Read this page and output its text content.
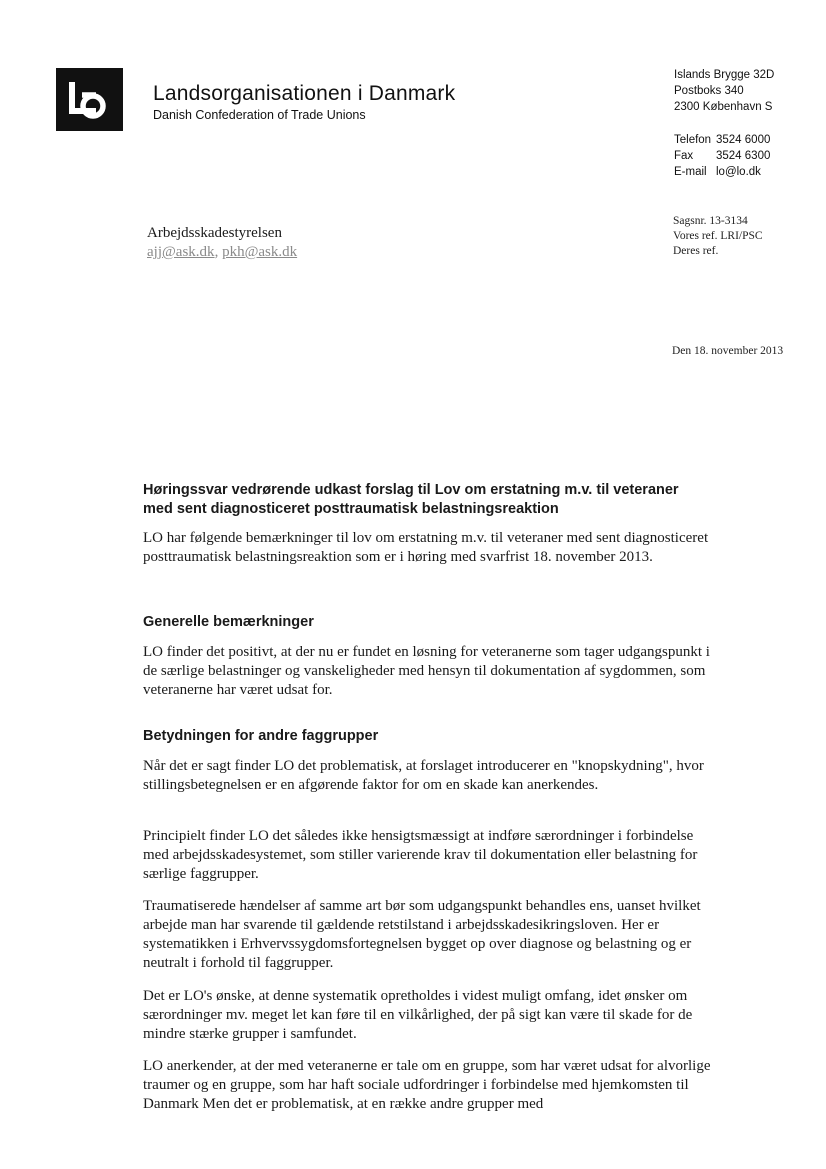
Landsorganisationen i Danmark
Danish Confederation of Trade Unions
Islands Brygge 32D
Postboks 340
2300 København S
Telefon 3524 6000
Fax	3524 6300
E-mail lo@lo.dk
Arbejdsskadestyrelsen
ajj@ask.dk, pkh@ask.dk
Sagsnr. 13-3134
Vores ref. LRI/PSC
Deres ref.
Den 18. november 2013
Høringssvar vedrørende udkast forslag til Lov om erstatning m.v. til veteraner med sent diagnosticeret posttraumatisk belastningsreaktion
LO har følgende bemærkninger til lov om erstatning m.v. til veteraner med sent diagnosticeret posttraumatisk belastningsreaktion som er i høring med svarfrist 18. november 2013.
Generelle bemærkninger
LO finder det positivt, at der nu er fundet en løsning for veteranerne som tager udgangspunkt i de særlige belastninger og vanskeligheder med hensyn til dokumentation af sygdommen, som veteranerne har været udsat for.
Betydningen for andre faggrupper
Når det er sagt finder LO det problematisk, at forslaget introducerer en "knopskydning", hvor stillingsbetegnelsen er en afgørende faktor for om en skade kan anerkendes.
Principielt finder LO det således ikke hensigtsmæssigt at indføre særordninger i forbindelse med arbejdsskadesystemet, som stiller varierende krav til dokumentation eller belastning for særlige faggrupper.
Traumatiserede hændelser af samme art bør som udgangspunkt behandles ens, uanset hvilket arbejde man har svarende til gældende retstilstand i arbejdsskadesikringsloven. Her er systematikken i Erhvervssygdomsfortegnelsen bygget op over diagnose og belastning og er neutralt i forhold til faggrupper.
Det er LO's ønske, at denne systematik opretholdes i videst muligt omfang, idet ønsker om særordninger mv. meget let kan føre til en vilkårlighed, der på sigt kan være til skade for de mindre stærke grupper i samfundet.
LO anerkender, at der med veteranerne er tale om en gruppe, som har været udsat for alvorlige traumer og en gruppe, som har haft sociale udfordringer i forbindelse med hjemkomsten til Danmark Men det er problematisk, at en række andre grupper med
